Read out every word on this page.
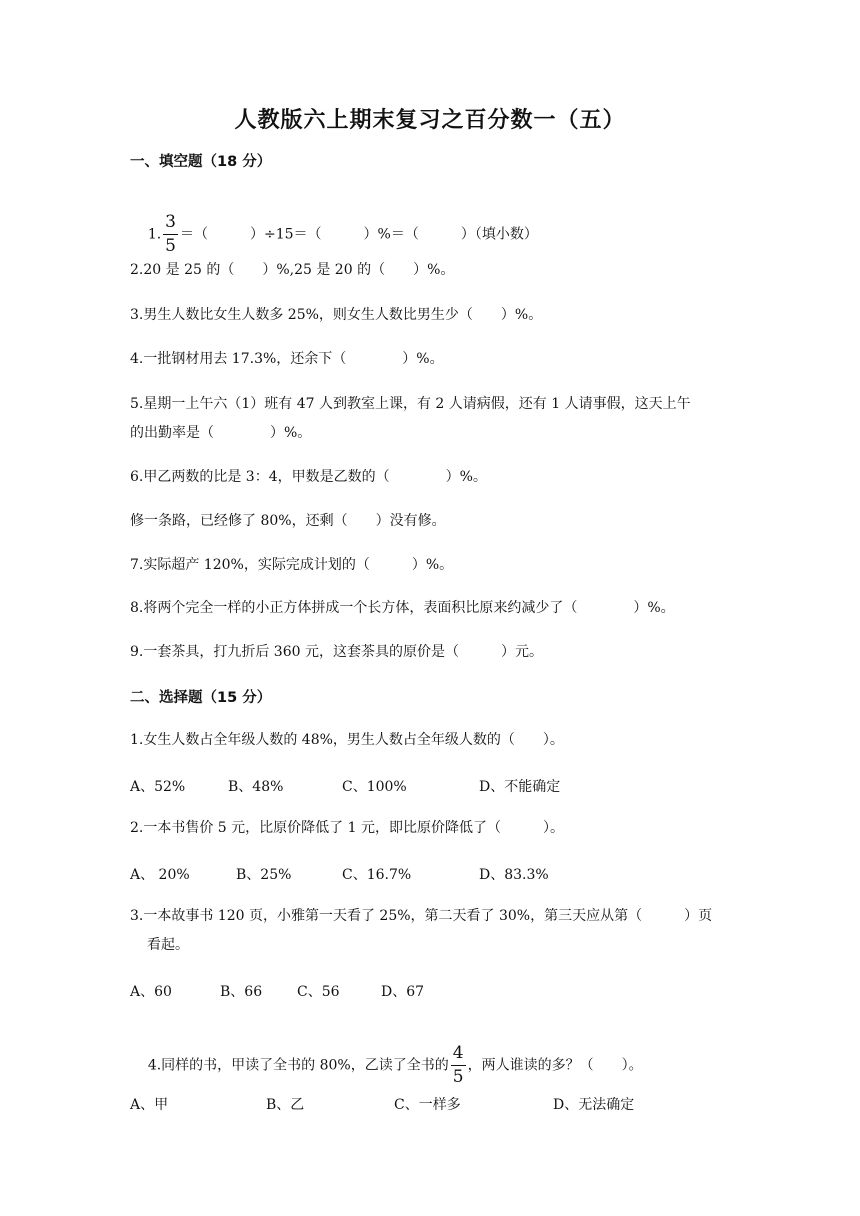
人教版六上期末复习之百分数一（五）
一、填空题（18 分）

1. $\frac{3}{5}$ ＝（　　　）÷15＝（　　　）%＝（　　　）（填小数）

2.20 是 25 的（　　）%,25 是 20 的（　　）%。
3.男生人数比女生人数多 25%，则女生人数比男生少（　　）%。
4.一批钢材用去 17.3%，还余下（　　　　）%。
5.星期一上午六（1）班有 47 人到教室上课，有 2 人请病假，还有 1 人请事假，这天上午
的出勤率是（　　　　）%。
6.甲乙两数的比是 3：4，甲数是乙数的（　　　　）%。
修一条路，已经修了 80%，还剩（　　）没有修。
7.实际超产 120%，实际完成计划的（　　　）%。
8.将两个完全一样的小正方体拼成一个长方体，表面积比原来约减少了（　　　　）%。
9.一套茶具，打九折后 360 元，这套茶具的原价是（　　　）元。
二、选择题（15 分）
1.女生人数占全年级人数的 48%，男生人数占全年级人数的（　　）。
A、52%	B、48%	C、100%	D、不能确定
2.一本书售价 5 元，比原价降低了 1 元，即比原价降低了（　　　）。
A、 20%	B、25%	C、16.7%	D、83.3%
3.一本故事书 120 页，小雅第一天看了 25%，第二天看了 30%，第三天应从第（　　　）页
看起。
A、60	B、66 C、56	D、67

4.同样的书，甲读了全书的 80%，乙读了全书的 $\frac{4}{5}$ ，两人谁读的多？（　　）。

A、甲	B、乙	C、一样多	D、无法确定
